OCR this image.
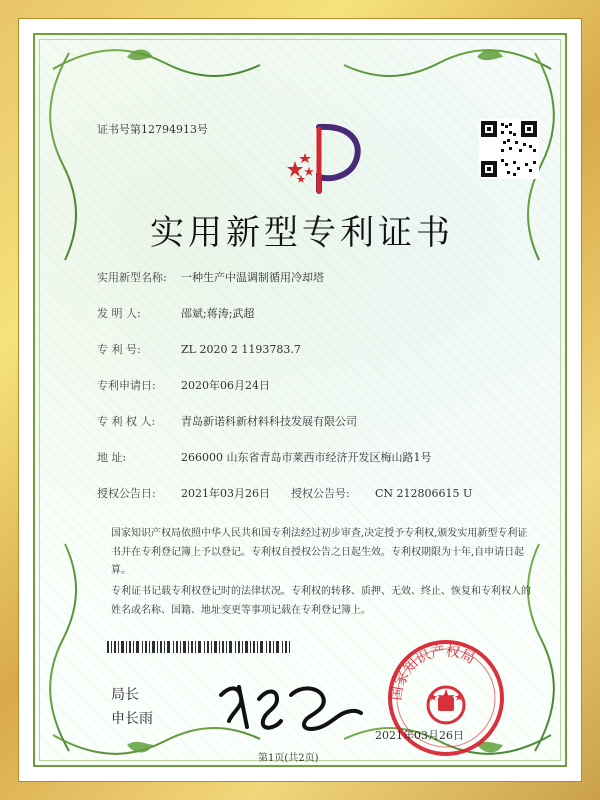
证书号第12794913号
实用新型专利证书
实用新型名称: 一种生产中温调制循用冷却塔
发 明 人:	邵斌;蒋涛;武超
专 利 号:	ZL 2020 2 1193783.7
专利申请日: 2020年06月24日
专 利 权 人: 青岛新诺科新材料科技发展有限公司
地 址:	266000 山东省青岛市莱西市经济开发区梅山路1号
授权公告日: 2021年03月26日 授权公告号: CN 212806615 U
国家知识产权局依照中华人民共和国专利法经过初步审查,决定授予专利权,颁发实用新型专利证书并在专利登记簿上予以登记。专利权自授权公告之日起生效。专利权期限为十年,自申请日起算。
专利证书记载专利权登记时的法律状况。专利权的转移、质押、无效、终止、恢复和专利权人的姓名或名称、国籍、地址变更等事项记载在专利登记簿上。
局长
申长雨
国家知识产权局
2021年03月26日
第1页(共2页)
